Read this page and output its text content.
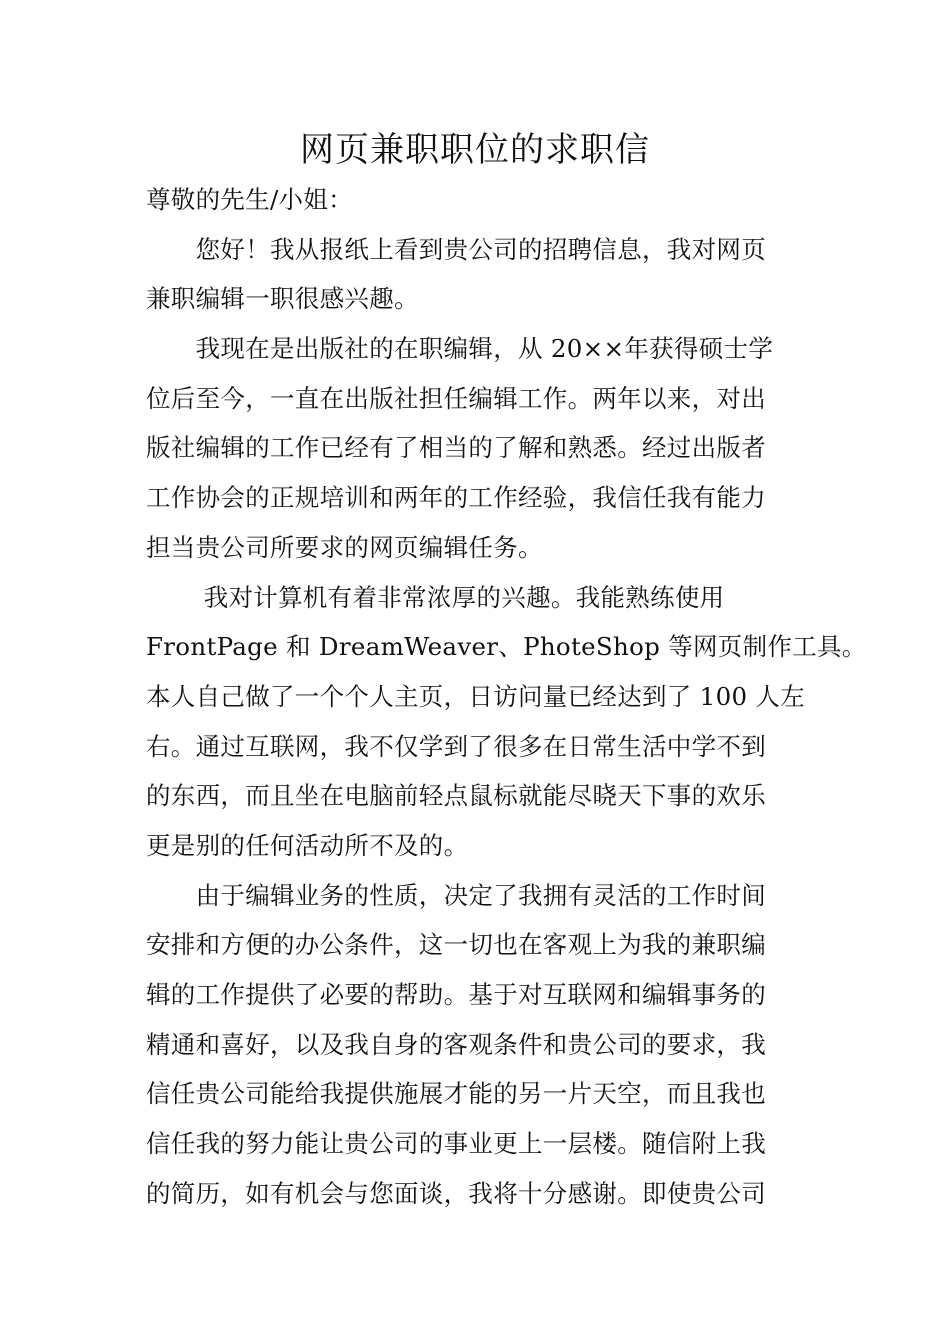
网页兼职职位的求职信
尊敬的先生/小姐：
　　您好！我从报纸上看到贵公司的招聘信息，我对网页
兼职编辑一职很感兴趣。
　　我现在是出版社的在职编辑，从 20××年获得硕士学
位后至今，一直在出版社担任编辑工作。两年以来，对出
版社编辑的工作已经有了相当的了解和熟悉。经过出版者
工作协会的正规培训和两年的工作经验，我信任我有能力
担当贵公司所要求的网页编辑任务。
　　 我对计算机有着非常浓厚的兴趣。我能熟练使用
FrontPage 和 DreamWeaver、PhoteShop 等网页制作工具。
本人自己做了一个个人主页，日访问量已经达到了 100 人左
右。通过互联网，我不仅学到了很多在日常生活中学不到
的东西，而且坐在电脑前轻点鼠标就能尽晓天下事的欢乐
更是别的任何活动所不及的。
　　由于编辑业务的性质，决定了我拥有灵活的工作时间
安排和方便的办公条件，这一切也在客观上为我的兼职编
辑的工作提供了必要的帮助。基于对互联网和编辑事务的
精通和喜好，以及我自身的客观条件和贵公司的要求，我
信任贵公司能给我提供施展才能的另一片天空，而且我也
信任我的努力能让贵公司的事业更上一层楼。随信附上我
的简历，如有机会与您面谈，我将十分感谢。即使贵公司
